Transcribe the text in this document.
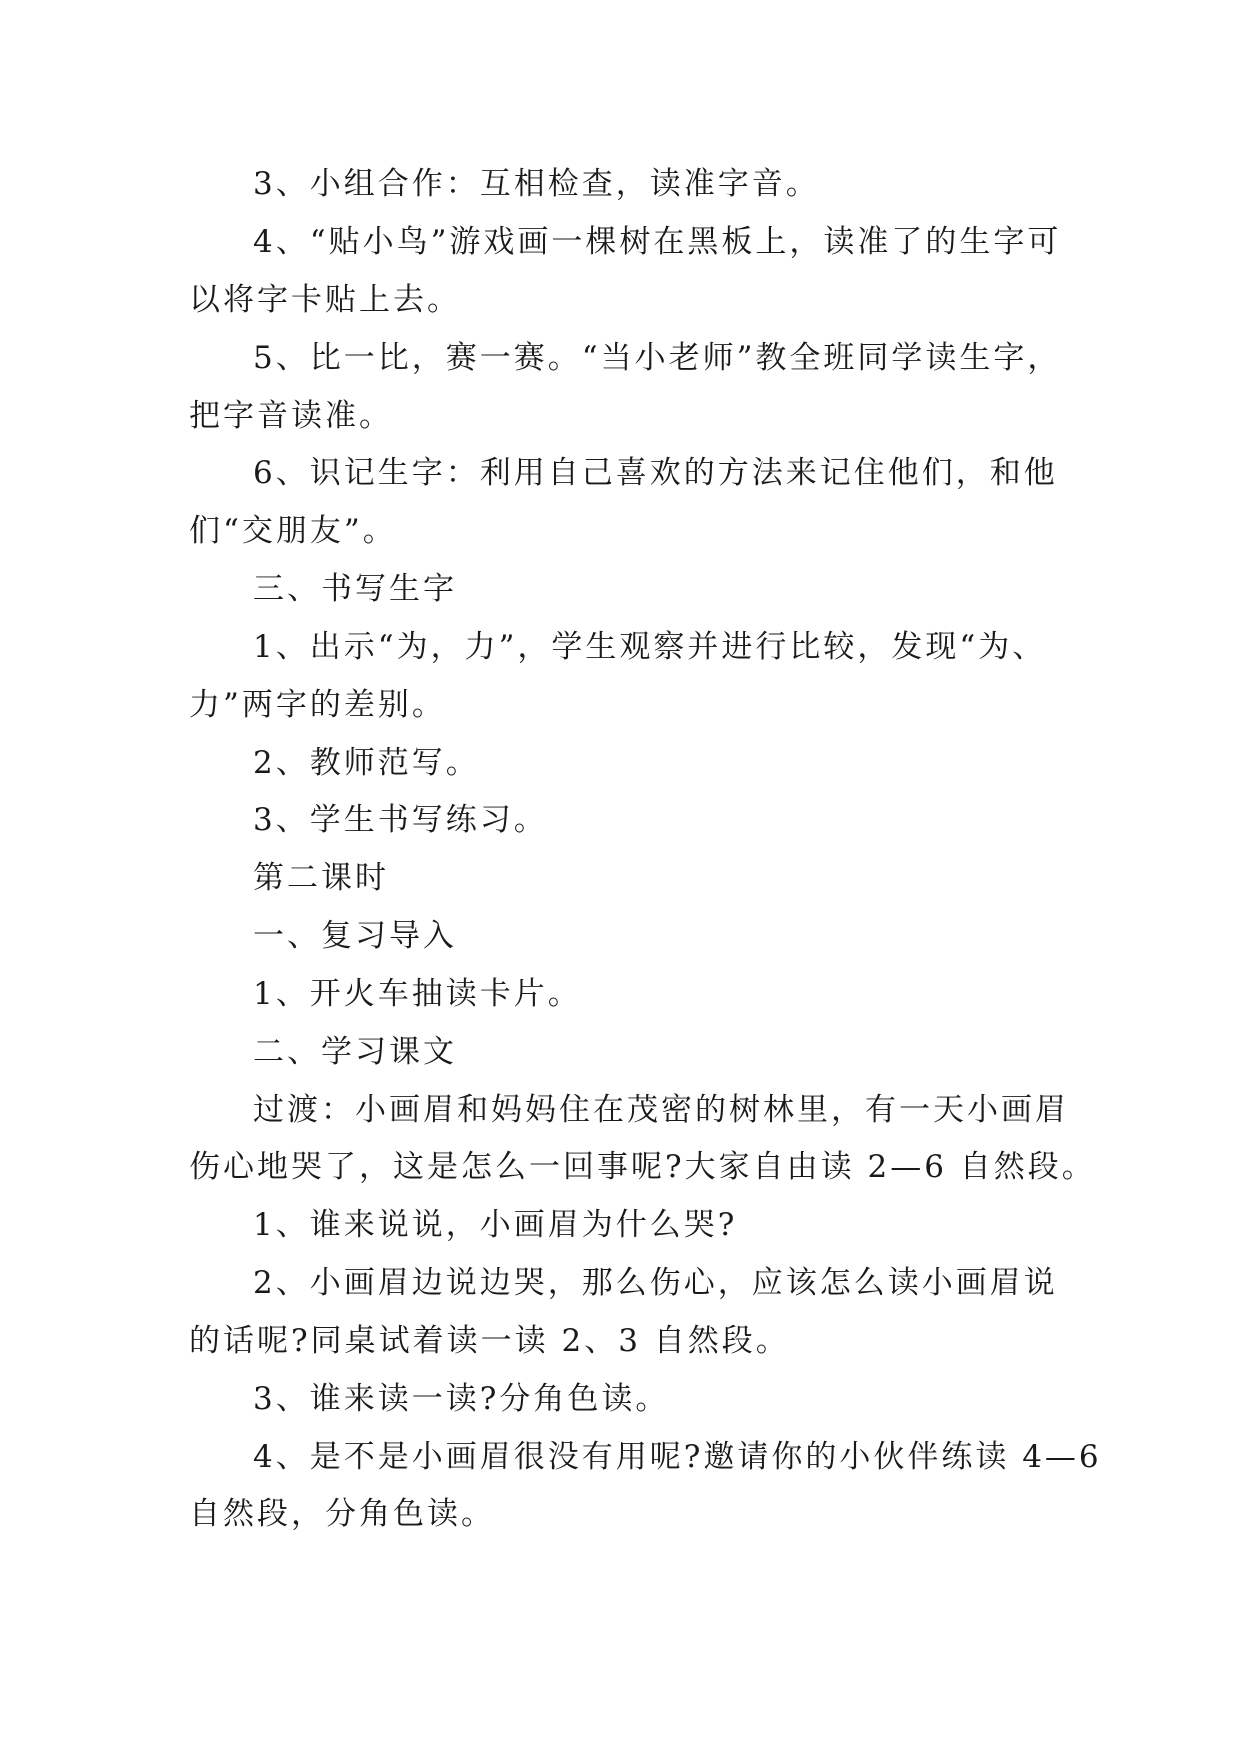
3、小组合作：互相检查，读准字音。
4、“贴小鸟”游戏画一棵树在黑板上，读准了的生字可
以将字卡贴上去。
5、比一比，赛一赛。“当小老师”教全班同学读生字，
把字音读准。
6、识记生字：利用自己喜欢的方法来记住他们，和他
们“交朋友”。
三、书写生字
1、出示“为，力”，学生观察并进行比较，发现“为、
力”两字的差别。
2、教师范写。
3、学生书写练习。
第二课时
一、复习导入
1、开火车抽读卡片。
二、学习课文
过渡：小画眉和妈妈住在茂密的树林里，有一天小画眉
伤心地哭了，这是怎么一回事呢?大家自由读 2—6 自然段。
1、谁来说说，小画眉为什么哭?
2、小画眉边说边哭，那么伤心，应该怎么读小画眉说
的话呢?同桌试着读一读 2、3 自然段。
3、谁来读一读?分角色读。
4、是不是小画眉很没有用呢?邀请你的小伙伴练读 4—6
自然段，分角色读。
